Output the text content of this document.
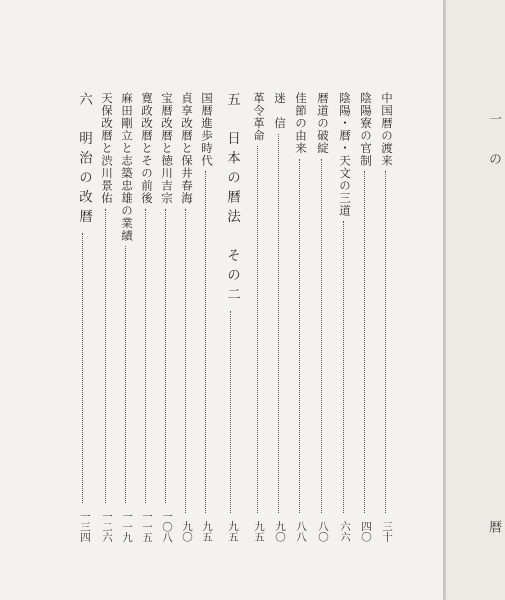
中国暦の渡来
三十
陰陽寮の官制
四〇
陰陽・暦・天文の三道
六六
暦道の破綻
八〇
佳節の由来
八八
迷　信
九〇
革令革命
九五
五　日本の暦法　その二
九五
国暦進歩時代
九五
貞享改暦と保井春海
九〇
宝暦改暦と徳川吉宗
一〇八
寛政改暦とその前後
一一五
麻田剛立と志築忠雄の業績
一一九
天保改暦と渋川景佑
一二六
六　明治の改暦
一三四
一
の
暦
